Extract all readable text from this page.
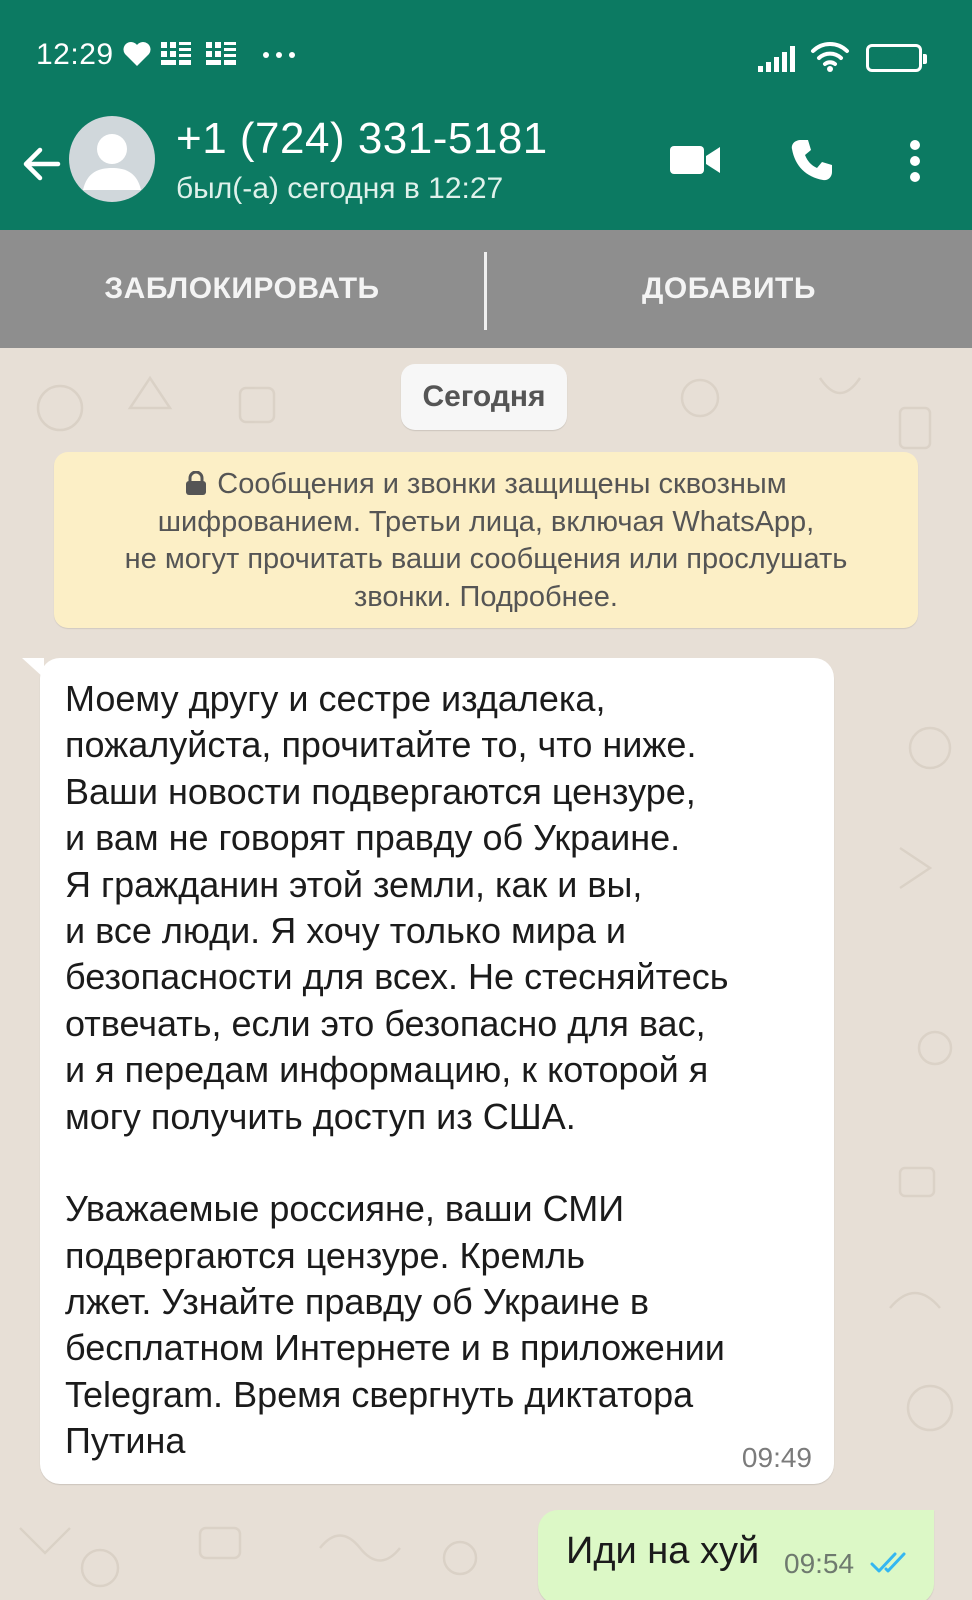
12:29	54
+1 (724) 331-5181
был(-а) сегодня в 12:27
ЗАБЛОКИРОВАТЬ	ДОБАВИТЬ
Сегодня
Сообщения и звонки защищены сквозным
шифрованием. Третьи лица, включая WhatsApp,
не могут прочитать ваши сообщения или прослушать
звонки. Подробнее.
Моему другу и сестре издалека,
пожалуйста, прочитайте то, что ниже.
Ваши новости подвергаются цензуре,
и вам не говорят правду об Украине.
Я гражданин этой земли, как и вы,
и все люди. Я хочу только мира и
безопасности для всех. Не стесняйтесь
отвечать, если это безопасно для вас,
и я передам информацию, к которой я
могу получить доступ из США.
Уважаемые россияне, ваши СМИ
подвергаются цензуре. Кремль
лжет. Узнайте правду об Украине в
бесплатном Интернете и в приложении
Telegram. Время свергнуть диктатора
Путина	09:49
Иди на хуй 09:54
